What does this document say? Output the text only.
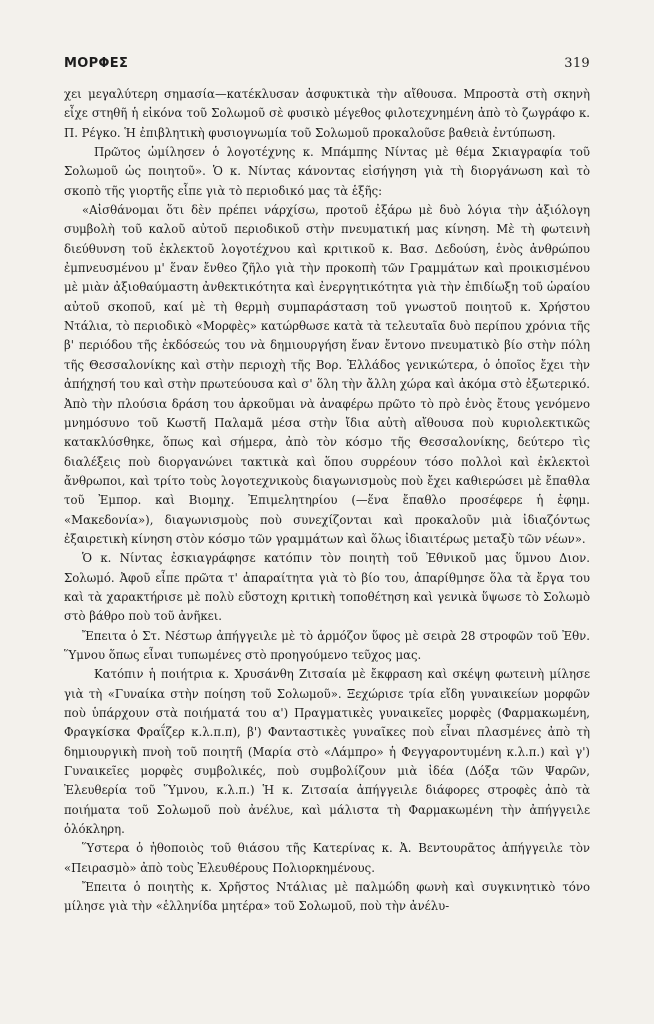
ΜΟΡΦΕΣ	319

χει μεγαλύτερη σημασία—κατέκλυσαν ἀσφυκτικὰ τὴν αἴθουσα. Μπροστὰ στὴ σκηνὴ εἶχε στηθῆ ἡ εἰκόνα τοῦ Σολωμοῦ σὲ φυσικὸ μέγεθος φιλοτεχνημένη ἀπὸ τὸ ζωγράφο κ. Π. Ρέγκο. Ἡ ἐπιβλητικὴ φυσιογνωμία τοῦ Σολωμοῦ προκαλοῦσε βαθειὰ ἐντύπωση.

Πρῶτος ὡμίλησεν ὁ λογοτέχνης κ. Μπάμπης Νίντας μὲ θέμα Σκιαγραφία τοῦ Σολωμοῦ ὡς ποιητοῦ». Ὁ κ. Νίντας κάνοντας εἰσήγηση γιὰ τὴ διοργάνωση καὶ τὸ σκοπὸ τῆς γιορτῆς εἶπε γιὰ τὸ περιοδικό μας τὰ ἑξῆς:

«Αἰσθάνομαι ὅτι δὲν πρέπει νάρχίσω, προτοῦ ἐξάρω μὲ δυὸ λόγια τὴν ἀξιόλογη συμβολὴ τοῦ καλοῦ αὐτοῦ περιοδικοῦ στὴν πνευματική μας κίνηση. Μὲ τὴ φωτεινὴ διεύθυνση τοῦ ἐκλεκτοῦ λογοτέχνου καὶ κριτικοῦ κ. Βασ. Δεδούση, ἑνὸς ἀνθρώπου ἐμπνευσμένου μ' ἕναν ἔνθεο ζῆλο γιὰ τὴν προκοπὴ τῶν Γραμμάτων καὶ προικισμένου μὲ μιὰν ἀξιοθαύμαστη ἀνθεκτικότητα καὶ ἐνεργητικότητα γιὰ τὴν ἐπιδίωξη τοῦ ὡραίου αὐτοῦ σκοποῦ, καί μὲ τὴ θερμὴ συμπαράσταση τοῦ γνωστοῦ ποιητοῦ κ. Χρήστου Ντάλια, τὸ περιοδικὸ «Μορφὲς» κατώρθωσε κατὰ τὰ τελευταῖα δυὸ περίπου χρόνια τῆς β' περιόδου τῆς ἐκδόσεώς του νὰ δημιουργήση ἕναν ἔντονο πνευματικὸ βίο στὴν πόλη τῆς Θεσσαλονίκης καὶ στὴν περιοχὴ τῆς Βορ. Ἑλλάδος γενικώτερα, ὁ ὁποῖος ἔχει τὴν ἀπήχησή του καὶ στὴν πρωτεύουσα καὶ σ' ὅλη τὴν ἄλλη χώρα καὶ ἀκόμα στὸ ἐξωτερικό. Ἀπὸ τὴν πλούσια δράση του ἀρκοῦμαι νὰ ἀναφέρω πρῶτο τὸ πρὸ ἑνὸς ἔτους γενόμενο μνημόσυνο τοῦ Κωστῆ Παλαμᾶ μέσα στὴν ἴδια αὐτὴ αἴθουσα ποὺ κυριολεκτικῶς κατακλύσθηκε, ὅπως καὶ σήμερα, ἀπὸ τὸν κόσμο τῆς Θεσσαλονίκης, δεύτερο τὶς διαλέξεις ποὺ διοργανώνει τακτικὰ καὶ ὅπου συρρέουν τόσο πολλοὶ καὶ ἐκλεκτοὶ ἄνθρωποι, καὶ τρίτο τοὺς λογοτεχνικοὺς διαγωνισμοὺς ποὺ ἔχει καθιερώσει μὲ ἔπαθλα τοῦ Ἐμπορ. καὶ Βιομηχ. Ἐπιμελητηρίου (—ἕνα ἔπαθλο προσέφερε ἡ ἐφημ. «Μακεδονία»), διαγωνισμοὺς ποὺ συνεχίζονται καὶ προκαλοῦν μιὰ ἰδιαζόντως ἐξαιρετικὴ κίνηση στὸν κόσμο τῶν γραμμάτων καὶ ὅλως ἰδιαιτέρως μεταξὺ τῶν νέων».

Ὁ κ. Νίντας ἐσκιαγράφησε κατόπιν τὸν ποιητὴ τοῦ Ἐθνικοῦ μας ὕμνου Διον. Σολωμό. Ἀφοῦ εἶπε πρῶτα τ' ἀπαραίτητα γιὰ τὸ βίο του, ἀπαρίθμησε ὅλα τὰ ἔργα του καὶ τὰ χαρακτήρισε μὲ πολὺ εὔστοχη κριτικὴ τοποθέτηση καὶ γενικὰ ὕψωσε τὸ Σολωμὸ στὸ βάθρο ποὺ τοῦ ἀνῆκει.

Ἔπειτα ὁ Στ. Νέστωρ ἀπήγγειλε μὲ τὸ ἁρμόζον ὕφος μὲ σειρὰ 28 στροφῶν τοῦ Ἐθν. Ὕμνου ὅπως εἶναι τυπωμένες στὸ προηγούμενο τεῦχος μας.

Κατόπιν ἡ ποιήτρια κ. Χρυσάνθη Ζιτσαία μὲ ἔκφραση καὶ σκέψη φωτεινὴ μίλησε γιὰ τὴ «Γυναίκα στὴν ποίηση τοῦ Σολωμοῦ». Ξεχώρισε τρία εἴδη γυναικείων μορφῶν ποὺ ὑπάρχουν στὰ ποιήματά του α') Πραγματικὲς γυναικεῖες μορφὲς (Φαρμακωμένη, Φραγκίσκα Φραΐζερ κ.λ.π.π), β') Φανταστικὲς γυναῖκες ποὺ εἶναι πλασμένες ἀπὸ τὴ δημιουργικὴ πνοὴ τοῦ ποιητῆ (Μαρία στὸ «Λάμπρο» ἡ Φεγγαροντυμένη κ.λ.π.) καὶ γ') Γυναικεῖες μορφὲς συμβολικές, ποὺ συμβολίζουν μιὰ ἰδέα (Δόξα τῶν Ψαρῶν, Ἐλευθερία τοῦ Ὕμνου, κ.λ.π.) Ἡ κ. Ζιτσαία ἀπήγγειλε διάφορες στροφὲς ἀπὸ τὰ ποιήματα τοῦ Σολωμοῦ ποὺ ἀνέλυε, καὶ μάλιστα τὴ Φαρμακωμένη τὴν ἀπήγγειλε ὁλόκληρη.

Ὕστερα ὁ ἠθοποιὸς τοῦ θιάσου τῆς Κατερίνας κ. Ἀ. Βεντουρᾶτος ἀπήγγειλε τὸν «Πειρασμὸ» ἀπὸ τοὺς Ἐλευθέρους Πολιορκημένους.

Ἔπειτα ὁ ποιητὴς κ. Χρῆστος Ντάλιας μὲ παλμώδη φωνὴ καὶ συγκινητικὸ τόνο μίλησε γιὰ τὴν «ἑλληνίδα μητέρα» τοῦ Σολωμοῦ, ποὺ τὴν ἀνέλυ-
